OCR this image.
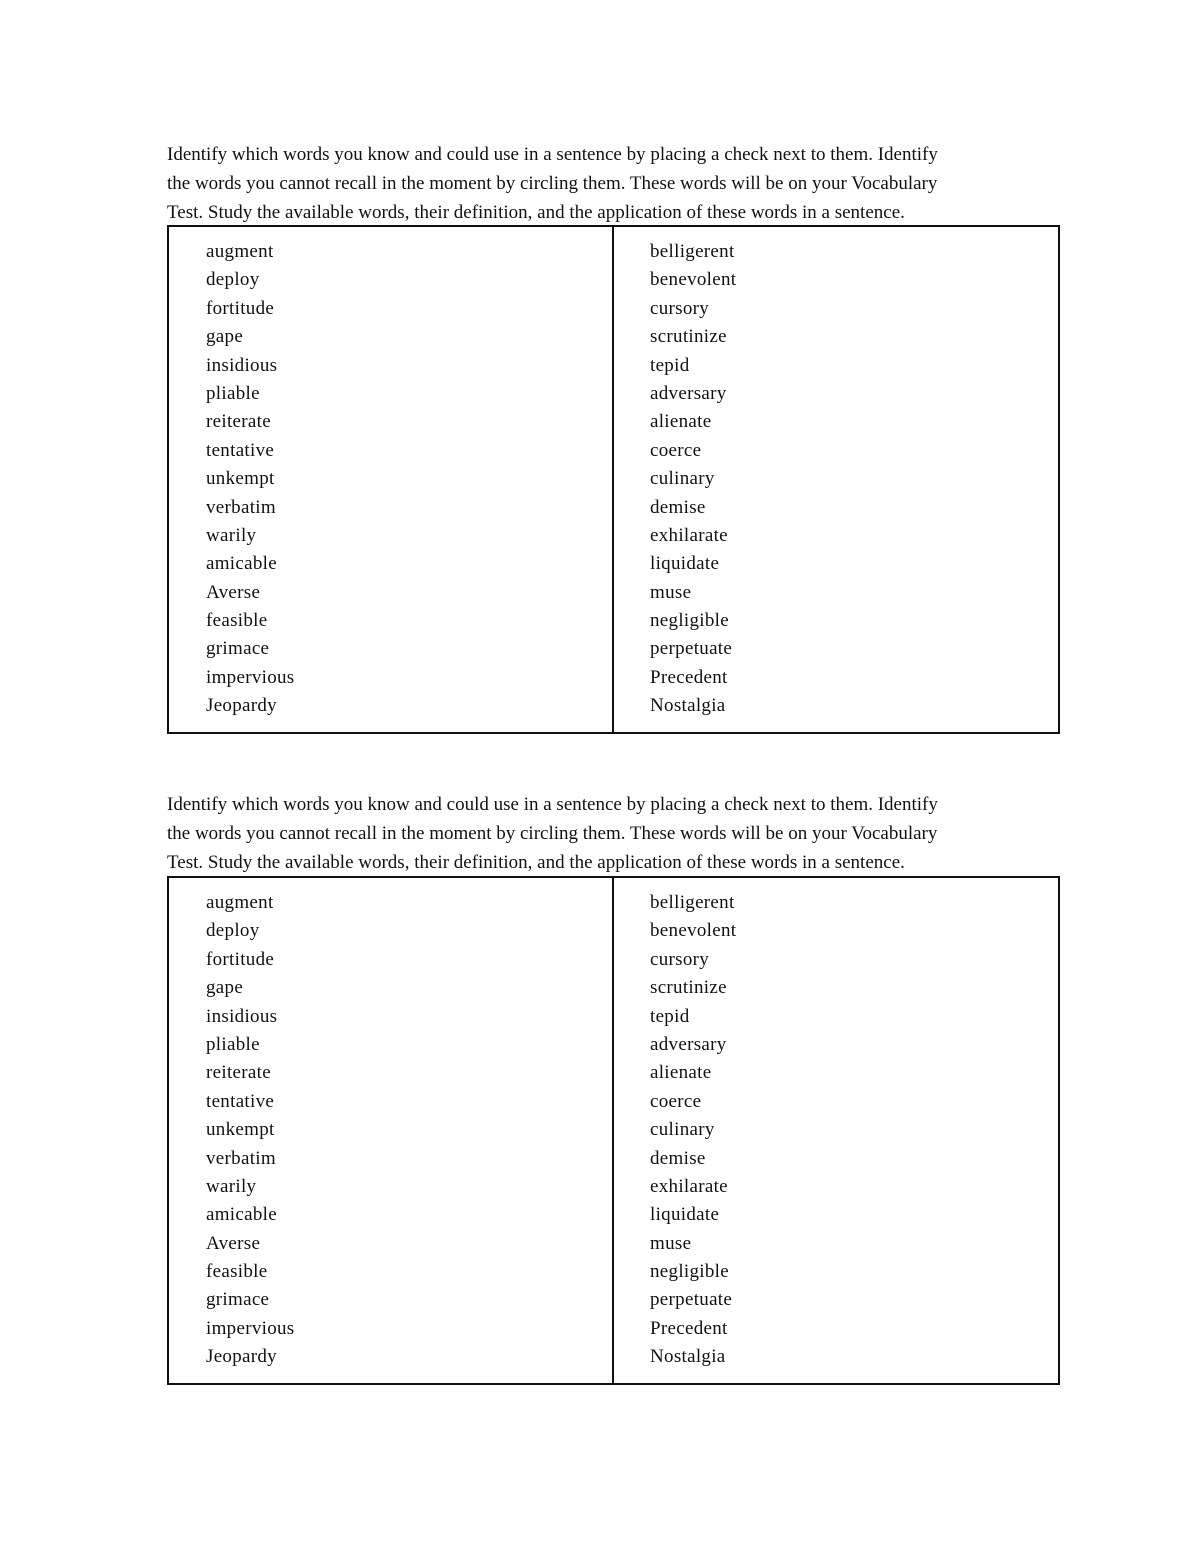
Identify which words you know and could use in a sentence by placing a check next to them. Identify
the words you cannot recall in the moment by circling them. These words will be on your Vocabulary
Test. Study the available words, their definition, and the application of these words in a sentence.
augment
deploy
fortitude
gape
insidious
pliable
reiterate
tentative
unkempt
verbatim
warily
amicable
Averse
feasible
grimace
impervious
Jeopardy
belligerent
benevolent
cursory
scrutinize
tepid
adversary
alienate
coerce
culinary
demise
exhilarate
liquidate
muse
negligible
perpetuate
Precedent
Nostalgia
Identify which words you know and could use in a sentence by placing a check next to them. Identify
the words you cannot recall in the moment by circling them. These words will be on your Vocabulary
Test. Study the available words, their definition, and the application of these words in a sentence.
augment
deploy
fortitude
gape
insidious
pliable
reiterate
tentative
unkempt
verbatim
warily
amicable
Averse
feasible
grimace
impervious
Jeopardy
belligerent
benevolent
cursory
scrutinize
tepid
adversary
alienate
coerce
culinary
demise
exhilarate
liquidate
muse
negligible
perpetuate
Precedent
Nostalgia
